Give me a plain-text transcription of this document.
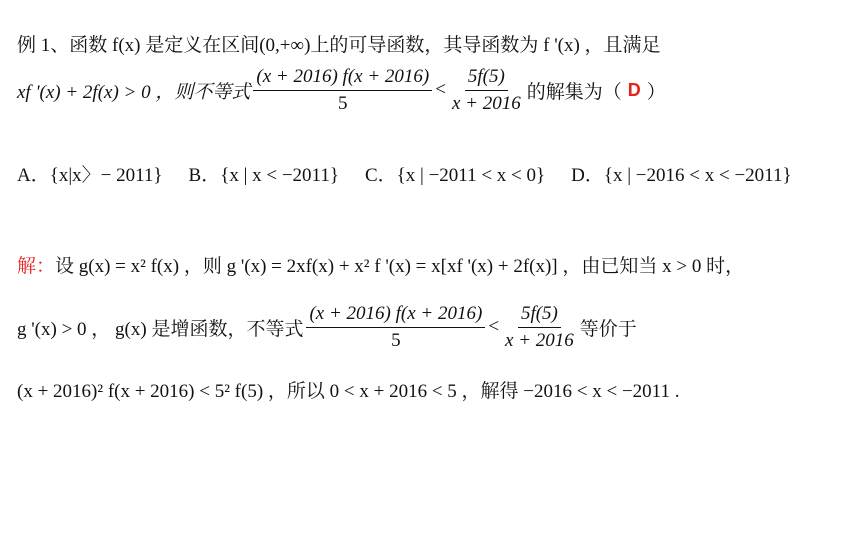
例 1、函数 f(x) 是定义在区间(0,+∞)上的可导函数，其导函数为 f '(x) ，且满足
xf '(x) + 2f(x) > 0 ，则不等式 $\frac{(x + 2016) f(x + 2016)}{5} < \frac{5f(5)}{x + 2016}$ 的解集为（ D ）
A．{x|x〉− 2011} B．{x | x < −2011} C．{x | −2011 < x < 0} D．{x | −2016 < x < −2011}
解： 设 g(x) = x² f(x) ，则 g '(x) = 2xf(x) + x² f '(x) = x[xf '(x) + 2f(x)] ，由已知当 x > 0 时，
g '(x) > 0 ， g(x) 是增函数，不等式 $\frac{(x + 2016) f(x + 2016)}{5} < \frac{5f(5)}{x + 2016}$ 等价于
(x + 2016)² f(x + 2016) < 5² f(5) ，所以 0 < x + 2016 < 5 ，解得 −2016 < x < −2011 .
